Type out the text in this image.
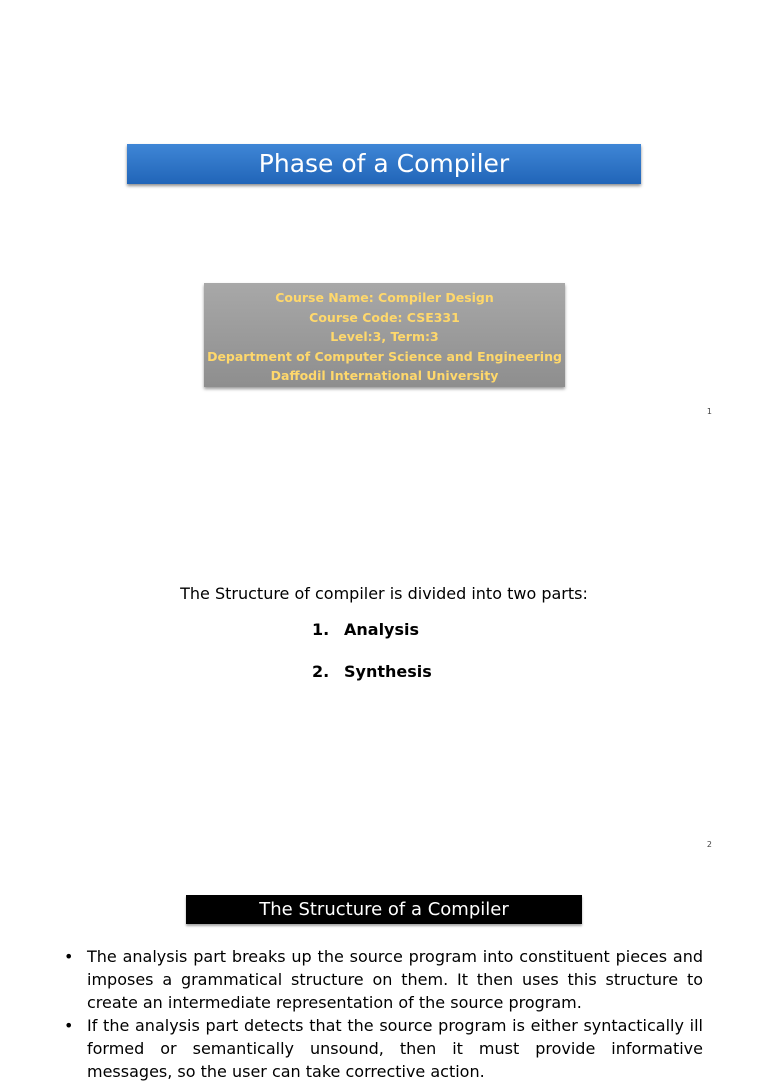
Phase of a Compiler
Course Name: Compiler Design
Course Code: CSE331
Level:3, Term:3
Department of Computer Science and Engineering
Daffodil International University
1
The Structure of compiler is divided into two parts:
1. Analysis
2. Synthesis
2
The Structure of a Compiler
• The analysis part breaks up the source program into constituent pieces and imposes a grammatical structure on them. It then uses this structure to create an intermediate representation of the source program.
• If the analysis part detects that the source program is either syntactically ill formed or semantically unsound, then it must provide informative messages, so the user can take corrective action.
